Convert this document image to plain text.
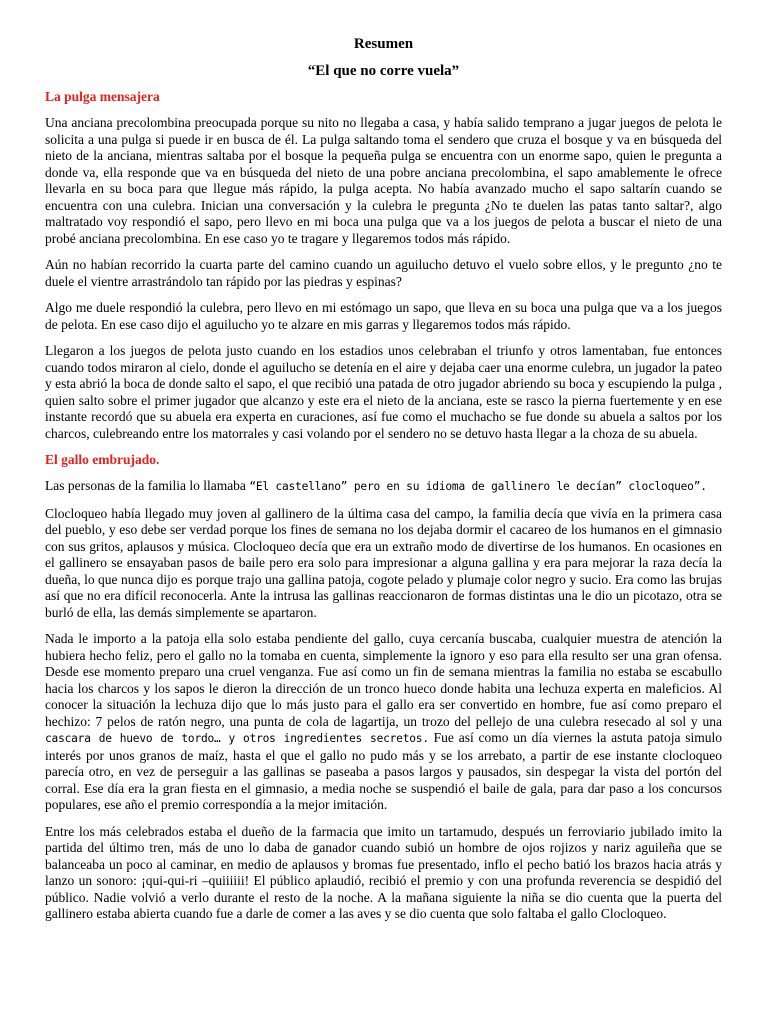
Resumen
“El que no corre vuela”
La pulga mensajera

Una anciana precolombina preocupada porque su nito no llegaba a casa, y había salido temprano a jugar juegos de pelota le solicita a una pulga si puede ir en busca de él. La pulga saltando toma el sendero que cruza el bosque y va en búsqueda del nieto de la anciana, mientras saltaba por el bosque la pequeña pulga se encuentra con un enorme sapo, quien le pregunta a donde va, ella responde que va en búsqueda del nieto de una pobre anciana precolombina, el sapo amablemente le ofrece llevarla en su boca para que llegue más rápido, la pulga acepta. No había avanzado mucho el sapo saltarín cuando se encuentra con una culebra. Inician una conversación y la culebra le pregunta ¿No te duelen las patas tanto saltar?, algo maltratado voy respondió el sapo, pero llevo en mi boca una pulga que va a los juegos de pelota a buscar el nieto de una probé anciana precolombina. En ese caso yo te tragare y llegaremos todos más rápido.

Aún no habían recorrido la cuarta parte del camino cuando un aguilucho detuvo el vuelo sobre ellos, y le pregunto ¿no te duele el vientre arrastrándolo tan rápido por las piedras y espinas?

Algo me duele respondió la culebra, pero llevo en mi estómago un sapo, que lleva en su boca una pulga que va a los juegos de pelota. En ese caso dijo el aguilucho yo te alzare en mis garras y llegaremos todos más rápido.

Llegaron a los juegos de pelota justo cuando en los estadios unos celebraban el triunfo y otros lamentaban, fue entonces cuando todos miraron al cielo, donde el aguilucho se detenía en el aire y dejaba caer una enorme culebra, un jugador la pateo y esta abrió la boca de donde salto el sapo, el que recibió una patada de otro jugador abriendo su boca y escupiendo la pulga , quien salto sobre el primer jugador que alcanzo y este era el nieto de la anciana, este se rasco la pierna fuertemente y en ese instante recordó que su abuela era experta en curaciones, así fue como el muchacho se fue donde su abuela a saltos por los charcos, culebreando entre los matorrales y casi volando por el sendero no se detuvo hasta llegar a la choza de su abuela.

El gallo embrujado.

Las personas de la familia lo llamaba “El castellano” pero en su idioma de gallinero le decían” clocloqueo”.

Clocloqueo había llegado muy joven al gallinero de la última casa del campo, la familia decía que vivía en la primera casa del pueblo, y eso debe ser verdad porque los fines de semana no los dejaba dormir el cacareo de los humanos en el gimnasio con sus gritos, aplausos y música. Clocloqueo decía que era un extraño modo de divertirse de los humanos. En ocasiones en el gallinero se ensayaban pasos de baile pero era solo para impresionar a alguna gallina y era para mejorar la raza decía la dueña, lo que nunca dijo es porque trajo una gallina patoja, cogote pelado y plumaje color negro y sucio. Era como las brujas así que no era difícil reconocerla. Ante la intrusa las gallinas reaccionaron de formas distintas una le dio un picotazo, otra se burló de ella, las demás simplemente se apartaron.

Nada le importo a la patoja ella solo estaba pendiente del gallo, cuya cercanía buscaba, cualquier muestra de atención la hubiera hecho feliz, pero el gallo no la tomaba en cuenta, simplemente la ignoro y eso para ella resulto ser una gran ofensa. Desde ese momento preparo una cruel venganza. Fue así como un fin de semana mientras la familia no estaba se escabullo hacia los charcos y los sapos le dieron la dirección de un tronco hueco donde habita una lechuza experta en maleficios. Al conocer la situación la lechuza dijo que lo más justo para el gallo era ser convertido en hombre, fue así como preparo el hechizo: 7 pelos de ratón negro, una punta de cola de lagartija, un trozo del pellejo de una culebra resecado al sol y una cascara de huevo de tordo… y otros ingredientes secretos. Fue así como un día viernes la astuta patoja simulo interés por unos granos de maíz, hasta el que el gallo no pudo más y se los arrebato, a partir de ese instante clocloqueo parecía otro, en vez de perseguir a las gallinas se paseaba a pasos largos y pausados, sin despegar la vista del portón del corral. Ese día era la gran fiesta en el gimnasio, a media noche se suspendió el baile de gala, para dar paso a los concursos populares, ese año el premio correspondía a la mejor imitación.

Entre los más celebrados estaba el dueño de la farmacia que imito un tartamudo, después un ferroviario jubilado imito la partida del último tren, más de uno lo daba de ganador cuando subió un hombre de ojos rojizos y nariz aguileña que se balanceaba un poco al caminar, en medio de aplausos y bromas fue presentado, inflo el pecho batió los brazos hacia atrás y lanzo un sonoro: ¡qui-qui-ri –quiiiiii! El público aplaudió, recibió el premio y con una profunda reverencia se despidió del público. Nadie volvió a verlo durante el resto de la noche. A la mañana siguiente la niña se dio cuenta que la puerta del gallinero estaba abierta cuando fue a darle de comer a las aves y se dio cuenta que solo faltaba el gallo Clocloqueo.
